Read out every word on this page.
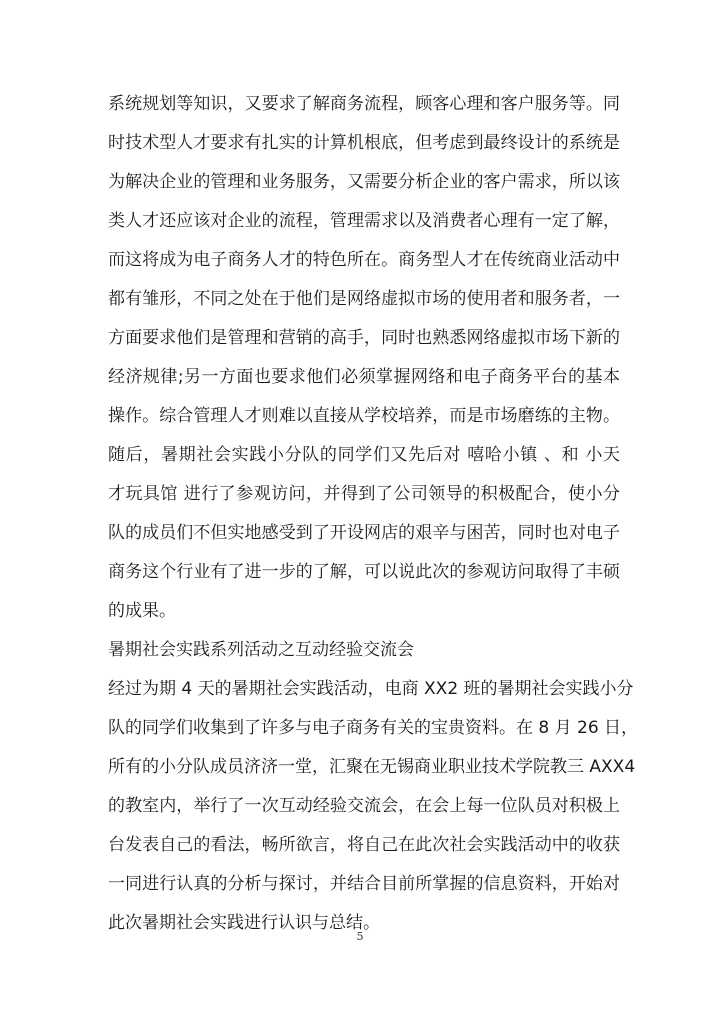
系统规划等知识，又要求了解商务流程，顾客心理和客户服务等。同
时技术型人才要求有扎实的计算机根底，但考虑到最终设计的系统是
为解决企业的管理和业务服务，又需要分析企业的客户需求，所以该
类人才还应该对企业的流程，管理需求以及消费者心理有一定了解，
而这将成为电子商务人才的特色所在。商务型人才在传统商业活动中
都有雏形，不同之处在于他们是网络虚拟市场的使用者和服务者，一
方面要求他们是管理和营销的高手，同时也熟悉网络虚拟市场下新的
经济规律;另一方面也要求他们必须掌握网络和电子商务平台的基本
操作。综合管理人才则难以直接从学校培养，而是市场磨练的主物。
随后，暑期社会实践小分队的同学们又先后对 嘻哈小镇 、和 小天
才玩具馆 进行了参观访问，并得到了公司领导的积极配合，使小分
队的成员们不但实地感受到了开设网店的艰辛与困苦，同时也对电子
商务这个行业有了进一步的了解，可以说此次的参观访问取得了丰硕
的成果。
暑期社会实践系列活动之互动经验交流会
经过为期 4 天的暑期社会实践活动，电商 XX2 班的暑期社会实践小分
队的同学们收集到了许多与电子商务有关的宝贵资料。在 8 月 26 日，
所有的小分队成员济济一堂，汇聚在无锡商业职业技术学院教三 AXX4
的教室内，举行了一次互动经验交流会，在会上每一位队员对积极上
台发表自己的看法，畅所欲言，将自己在此次社会实践活动中的收获
一同进行认真的分析与探讨，并结合目前所掌握的信息资料，开始对
此次暑期社会实践进行认识与总结。
5
